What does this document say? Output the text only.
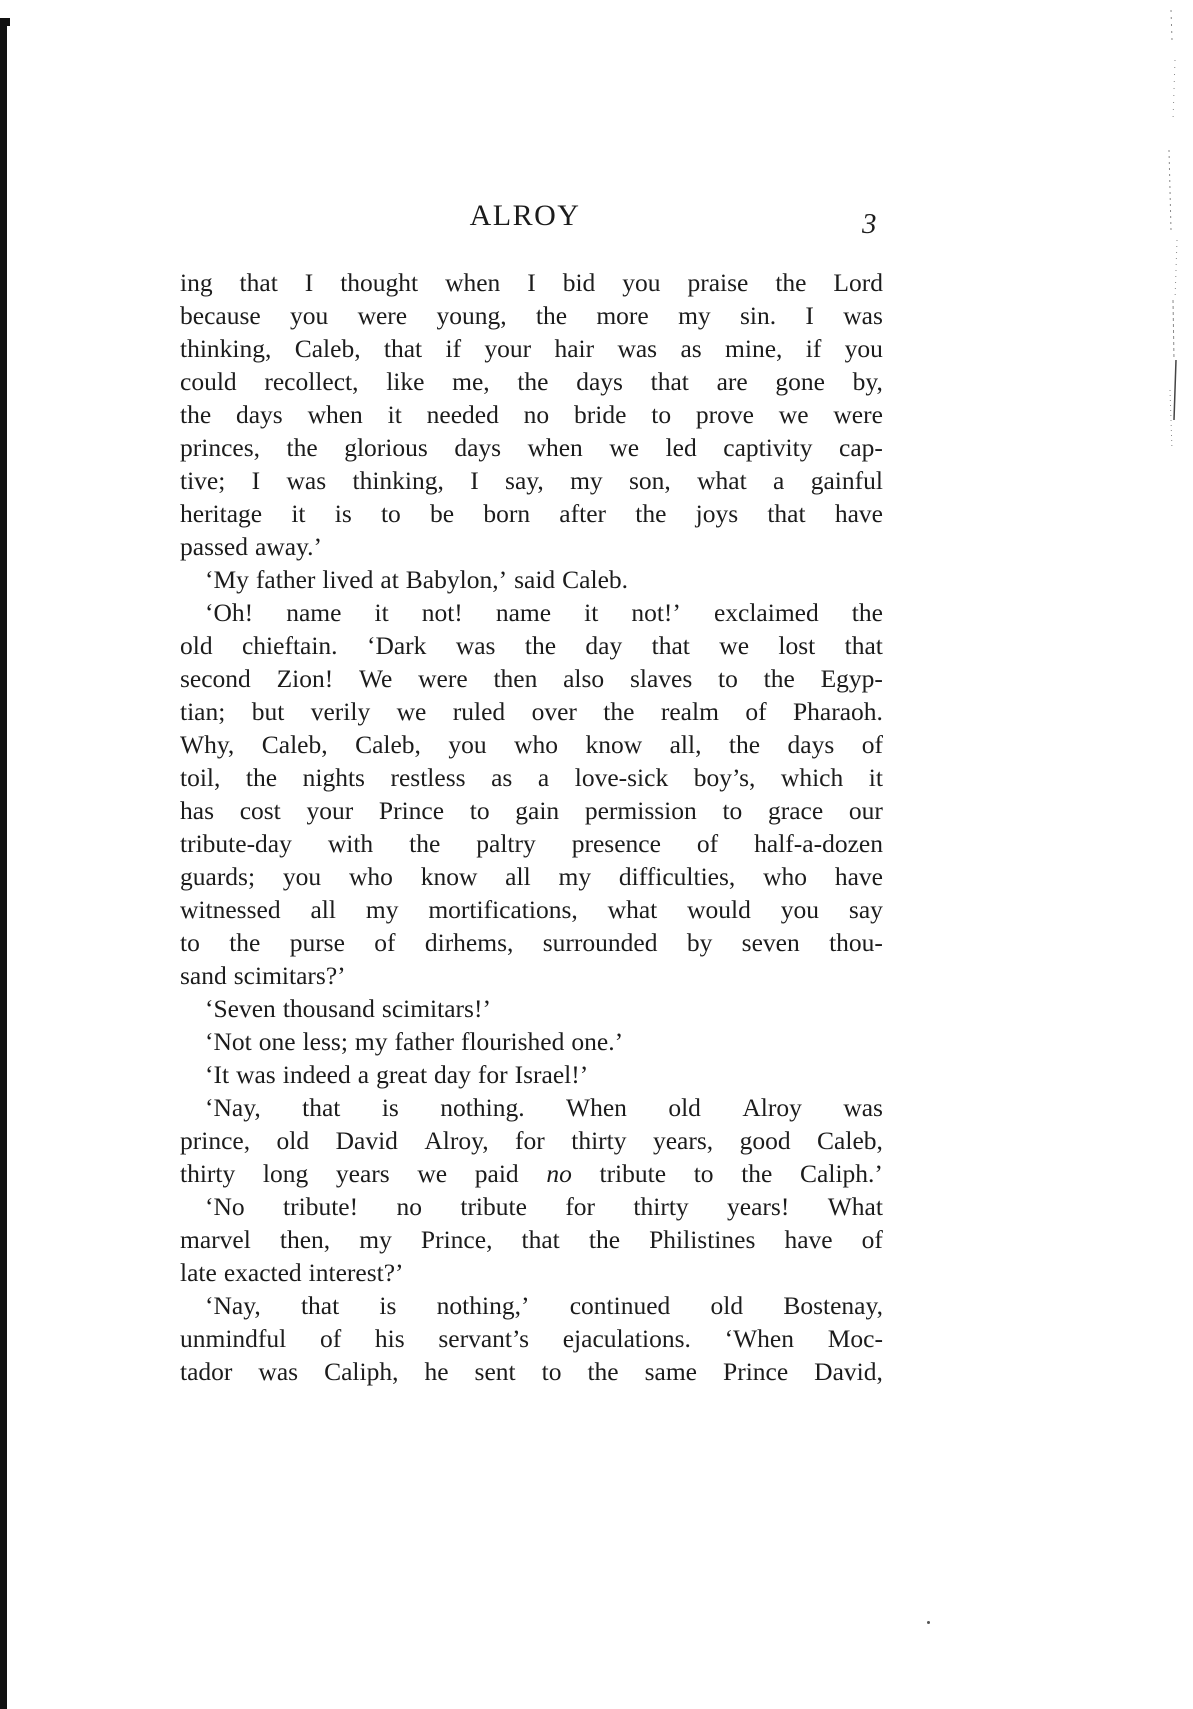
ALROY	3
ing that I thought when I bid you praise the Lord
because you were young, the more my sin. I was
thinking, Caleb, that if your hair was as mine, if you
could recollect, like me, the days that are gone by,
the days when it needed no bride to prove we were
princes, the glorious days when we led captivity cap-
tive; I was thinking, I say, my son, what a gainful
heritage it is to be born after the joys that have
passed away.’
‘My father lived at Babylon,’ said Caleb.
‘Oh! name it not! name it not!’ exclaimed the
old chieftain. ‘Dark was the day that we lost that
second Zion! We were then also slaves to the Egyp-
tian; but verily we ruled over the realm of Pharaoh.
Why, Caleb, Caleb, you who know all, the days of
toil, the nights restless as a love-sick boy’s, which it
has cost your Prince to gain permission to grace our
tribute-day with the paltry presence of half-a-dozen
guards; you who know all my difficulties, who have
witnessed all my mortifications, what would you say
to the purse of dirhems, surrounded by seven thou-
sand scimitars?’
‘Seven thousand scimitars!’
‘Not one less; my father flourished one.’
‘It was indeed a great day for Israel!’
‘Nay, that is nothing. When old Alroy was
prince, old David Alroy, for thirty years, good Caleb,
thirty long years we paid no tribute to the Caliph.’
‘No tribute! no tribute for thirty years! What
marvel then, my Prince, that the Philistines have of
late exacted interest?’
‘Nay, that is nothing,’ continued old Bostenay,
unmindful of his servant’s ejaculations. ‘When Moc-
tador was Caliph, he sent to the same Prince David,
